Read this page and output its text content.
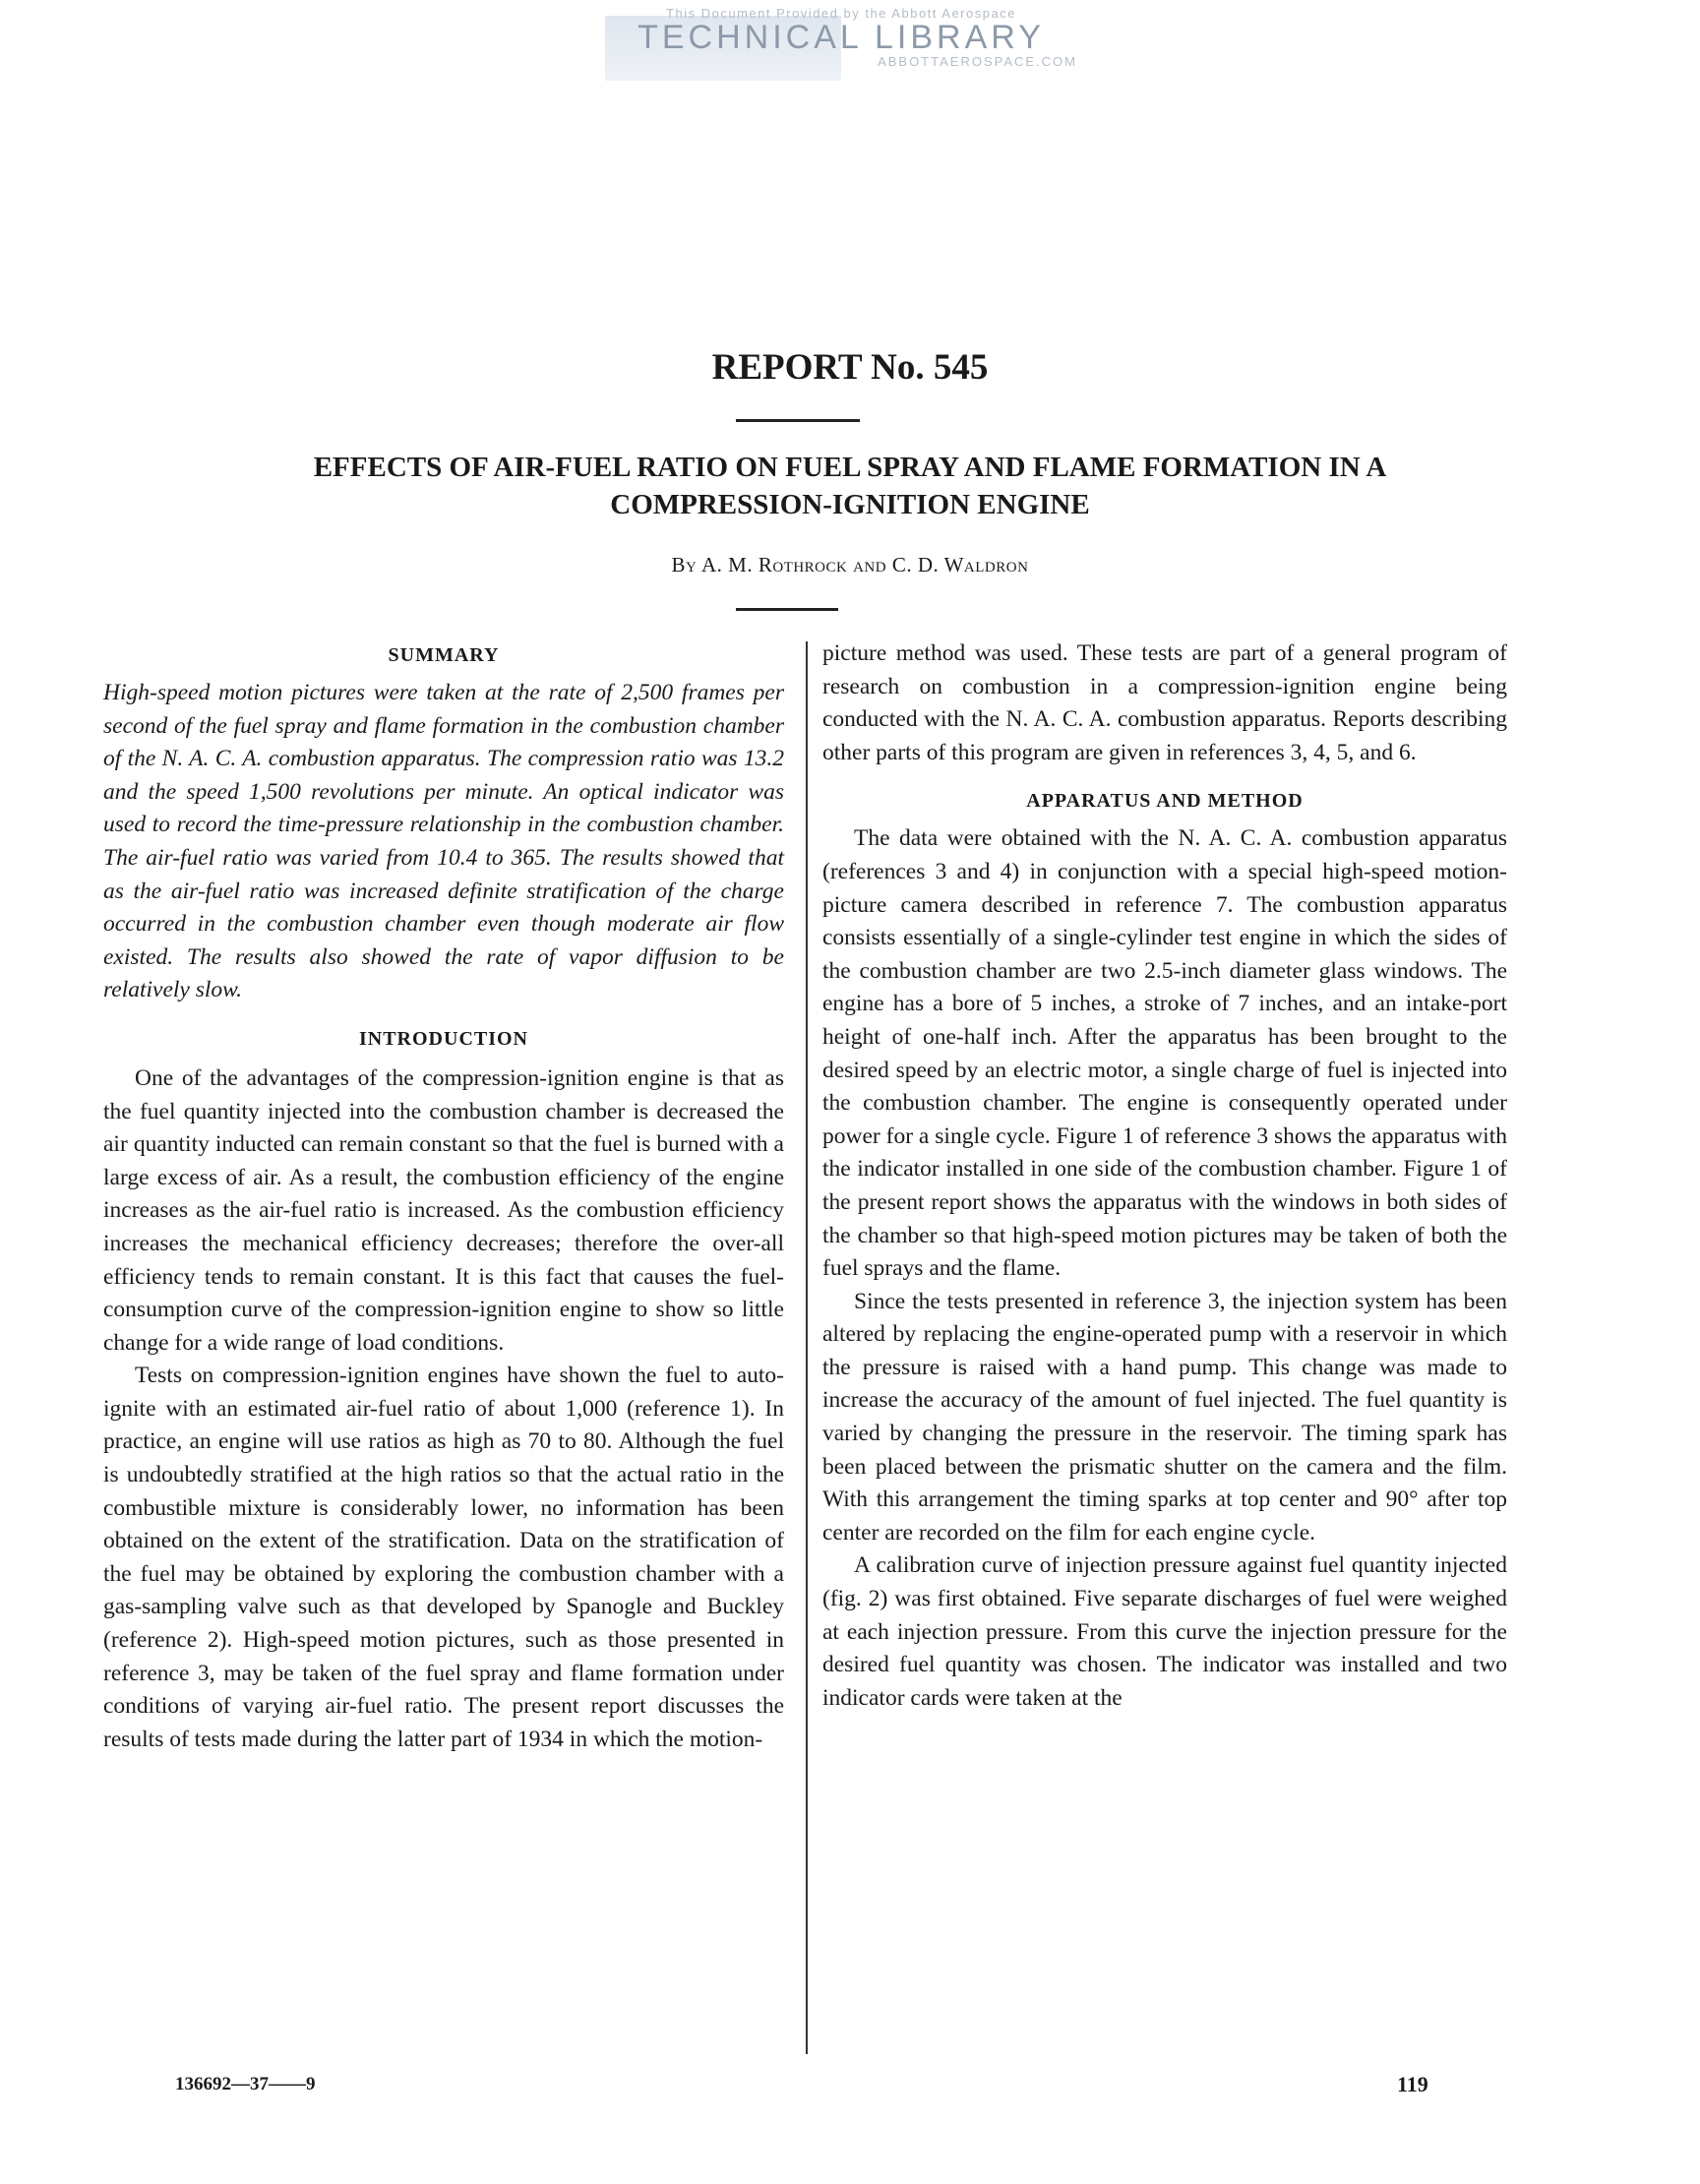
This Document Provided by the Abbott Aerospace
TECHNICAL LIBRARY
ABBOTTAEROSPACE.COM
REPORT No. 545
EFFECTS OF AIR-FUEL RATIO ON FUEL SPRAY AND FLAME FORMATION IN A
COMPRESSION-IGNITION ENGINE
By A. M. Rothrock and C. D. Waldron
SUMMARY

High-speed motion pictures were taken at the rate of 2,500 frames per second of the fuel spray and flame formation in the combustion chamber of the N. A. C. A. combustion apparatus. The compression ratio was 13.2 and the speed 1,500 revolutions per minute. An optical indicator was used to record the time-pressure relationship in the combustion chamber. The air-fuel ratio was varied from 10.4 to 365. The results showed that as the air-fuel ratio was increased definite stratification of the charge occurred in the combustion chamber even though moderate air flow existed. The results also showed the rate of vapor diffusion to be relatively slow.

INTRODUCTION

One of the advantages of the compression-ignition engine is that as the fuel quantity injected into the combustion chamber is decreased the air quantity inducted can remain constant so that the fuel is burned with a large excess of air. As a result, the combustion efficiency of the engine increases as the air-fuel ratio is increased. As the combustion efficiency increases the mechanical efficiency decreases; therefore the over-all efficiency tends to remain constant. It is this fact that causes the fuel-consumption curve of the compression-ignition engine to show so little change for a wide range of load conditions.

Tests on compression-ignition engines have shown the fuel to auto-ignite with an estimated air-fuel ratio of about 1,000 (reference 1). In practice, an engine will use ratios as high as 70 to 80. Although the fuel is undoubtedly stratified at the high ratios so that the actual ratio in the combustible mixture is considerably lower, no information has been obtained on the extent of the stratification. Data on the stratification of the fuel may be obtained by exploring the combustion chamber with a gas-sampling valve such as that developed by Spanogle and Buckley (reference 2). High-speed motion pictures, such as those presented in reference 3, may be taken of the fuel spray and flame formation under conditions of varying air-fuel ratio. The present report discusses the results of tests made during the latter part of 1934 in which the motion-

picture method was used. These tests are part of a general program of research on combustion in a compression-ignition engine being conducted with the N. A. C. A. combustion apparatus. Reports describing other parts of this program are given in references 3, 4, 5, and 6.

APPARATUS AND METHOD

The data were obtained with the N. A. C. A. combustion apparatus (references 3 and 4) in conjunction with a special high-speed motion-picture camera described in reference 7. The combustion apparatus consists essentially of a single-cylinder test engine in which the sides of the combustion chamber are two 2.5-inch diameter glass windows. The engine has a bore of 5 inches, a stroke of 7 inches, and an intake-port height of one-half inch. After the apparatus has been brought to the desired speed by an electric motor, a single charge of fuel is injected into the combustion chamber. The engine is consequently operated under power for a single cycle. Figure 1 of reference 3 shows the apparatus with the indicator installed in one side of the combustion chamber. Figure 1 of the present report shows the apparatus with the windows in both sides of the chamber so that high-speed motion pictures may be taken of both the fuel sprays and the flame.

Since the tests presented in reference 3, the injection system has been altered by replacing the engine-operated pump with a reservoir in which the pressure is raised with a hand pump. This change was made to increase the accuracy of the amount of fuel injected. The fuel quantity is varied by changing the pressure in the reservoir. The timing spark has been placed between the prismatic shutter on the camera and the film. With this arrangement the timing sparks at top center and 90° after top center are recorded on the film for each engine cycle.

A calibration curve of injection pressure against fuel quantity injected (fig. 2) was first obtained. Five separate discharges of fuel were weighed at each injection pressure. From this curve the injection pressure for the desired fuel quantity was chosen. The indicator was installed and two indicator cards were taken at the

136692—37——9	119
